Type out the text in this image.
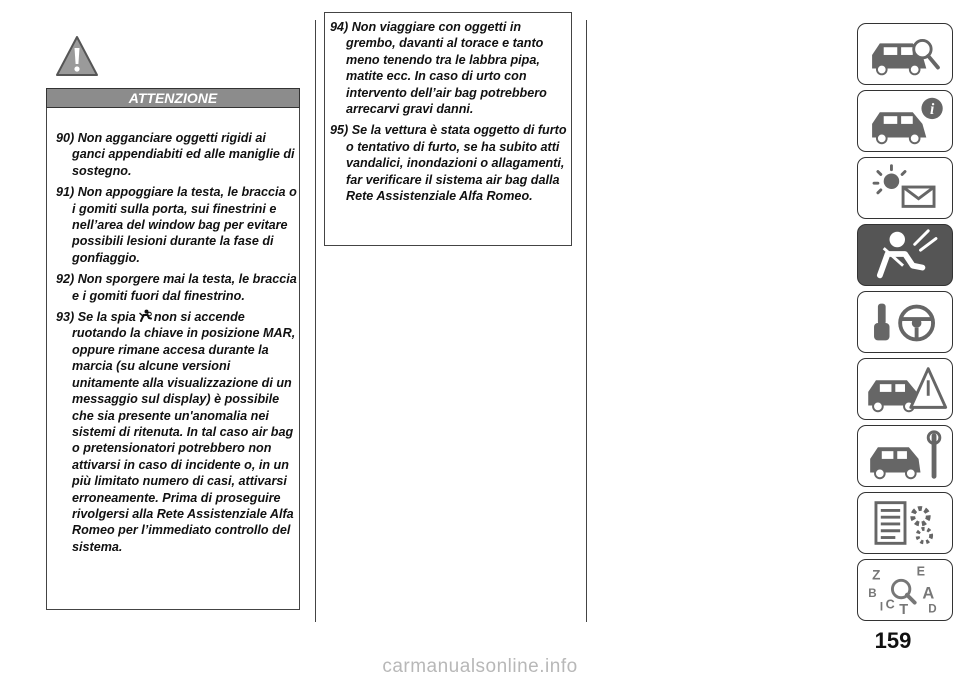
ATTENZIONE

90) Non agganciare oggetti rigidi ai ganci appendiabiti ed alle maniglie di sostegno.

91) Non appoggiare la testa, le braccia o i gomiti sulla porta, sui finestrini e nell’area del window bag per evitare possibili lesioni durante la fase di gonfiaggio.

92) Non sporgere mai la testa, le braccia e i gomiti fuori dal finestrino.

93) Se la spia non si accende ruotando la chiave in posizione MAR, oppure rimane accesa durante la marcia (su alcune versioni unitamente alla visualizzazione di un messaggio sul display) è possibile che sia presente un'anomalia nei sistemi di ritenuta. In tal caso air bag o pretensionatori potrebbero non attivarsi in caso di incidente o, in un più limitato numero di casi, attivarsi erroneamente. Prima di proseguire rivolgersi alla Rete Assistenziale Alfa Romeo per l’immediato controllo del sistema.

94) Non viaggiare con oggetti in grembo, davanti al torace e tanto meno tenendo tra le labbra pipa, matite ecc. In caso di urto con intervento dell’air bag potrebbero arrecarvi gravi danni.

95) Se la vettura è stata oggetto di furto o tentativo di furto, se ha subito atti vandalici, inondazioni o allagamenti, far verificare il sistema air bag dalla Rete Assistenziale Alfa Romeo.

i
Z	E
B	A
I C T D
159
carmanualsonline.info
